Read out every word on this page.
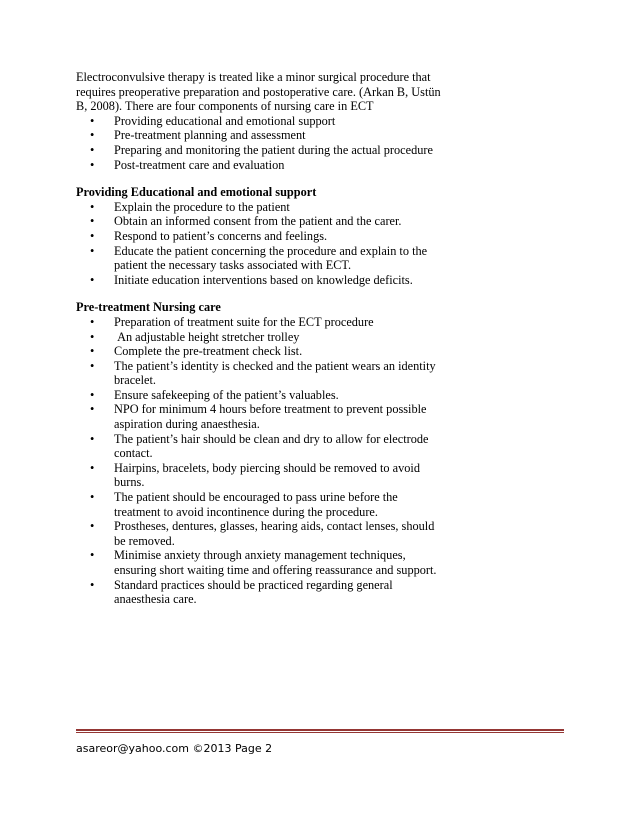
Electroconvulsive therapy is treated like a minor surgical procedure that requires preoperative preparation and postoperative care. (Arkan B, Ustün B, 2008). There are four components of nursing care in ECT

• Providing educational and emotional support
• Pre-treatment planning and assessment
• Preparing and monitoring the patient during the actual procedure
• Post-treatment care and evaluation

Providing Educational and emotional support

• Explain the procedure to the patient
• Obtain an informed consent from the patient and the carer.
• Respond to patient’s concerns and feelings.
• Educate the patient concerning the procedure and explain to the patient the necessary tasks associated with ECT.
• Initiate education interventions based on knowledge deficits.

Pre-treatment Nursing care

• Preparation of treatment suite for the ECT procedure
• An adjustable height stretcher trolley
• Complete the pre-treatment check list.
• The patient’s identity is checked and the patient wears an identity bracelet.
• Ensure safekeeping of the patient’s valuables.
• NPO for minimum 4 hours before treatment to prevent possible aspiration during anaesthesia.
• The patient’s hair should be clean and dry to allow for electrode contact.
• Hairpins, bracelets, body piercing should be removed to avoid burns.
• The patient should be encouraged to pass urine before the treatment to avoid incontinence during the procedure.
• Prostheses, dentures, glasses, hearing aids, contact lenses, should be removed.
• Minimise anxiety through anxiety management techniques, ensuring short waiting time and offering reassurance and support.
• Standard practices should be practiced regarding general anaesthesia care.
asareor@yahoo.com ©2013 Page 2
